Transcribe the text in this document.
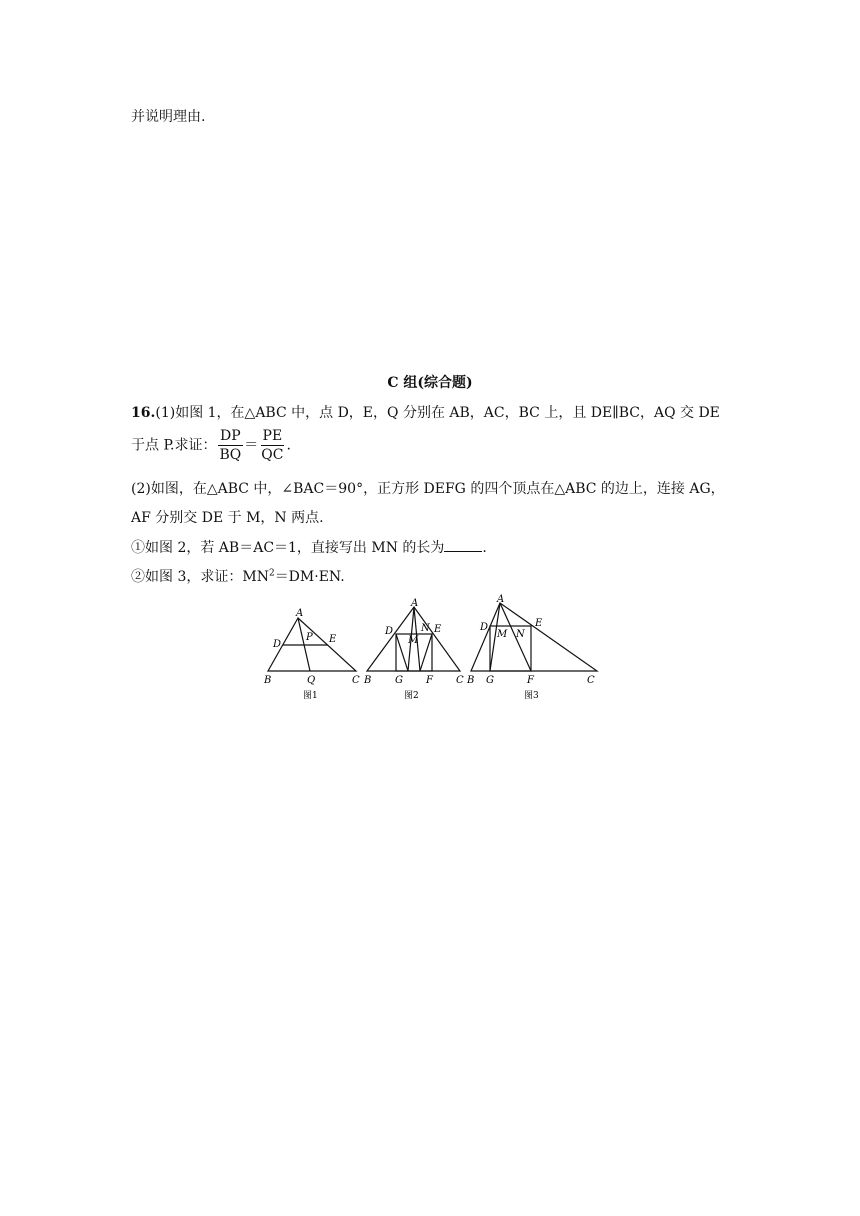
并说明理由.
C 组(综合题)
16.(1)如图 1，在△ABC 中，点 D，E，Q 分别在 AB，AC，BC 上，且 DE∥BC，AQ 交 DE
于点 P.求证： $\frac{DP}{BQ} = \frac{PE}{QC}$ .
(2)如图，在△ABC 中，∠BAC＝90°，正方形 DEFG 的四个顶点在△ABC 的边上，连接 AG，
AF 分别交 DE 于 M，N 两点.
①如图 2，若 AB＝AC＝1，直接写出 MN 的长为	.
②如图 3，求证：$MN^2=DM\cdot EN$.
A
D
P E
B	Q	C
图1
A
D	N E
M
B G F C
图2
A
D	E
M N
B G	F	C
图3
